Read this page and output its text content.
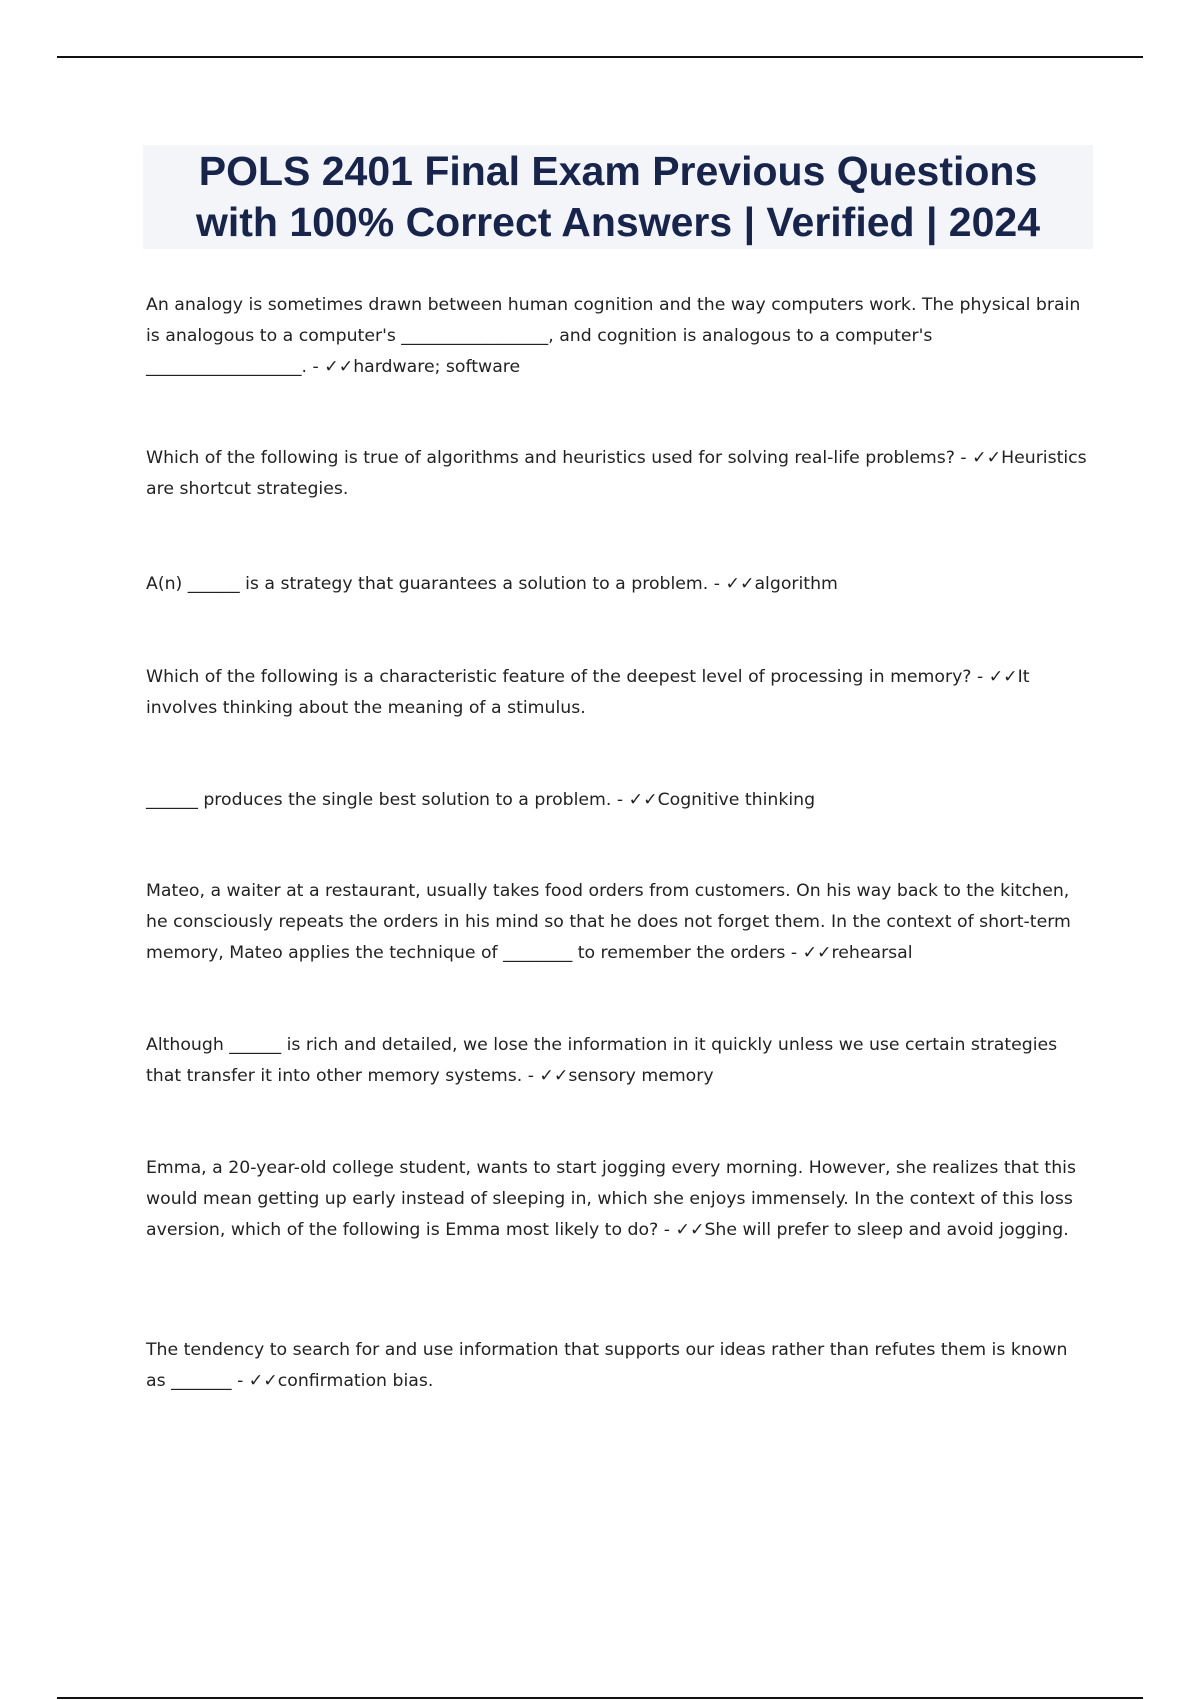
POLS 2401 Final Exam Previous Questions
with 100% Correct Answers | Verified | 2024
An analogy is sometimes drawn between human cognition and the way computers work. The physical brain is analogous to a computer's _________________, and cognition is analogous to a computer's __________________. - ✓✓hardware; software
Which of the following is true of algorithms and heuristics used for solving real-life problems? - ✓✓Heuristics are shortcut strategies.
A(n) ______ is a strategy that guarantees a solution to a problem. - ✓✓algorithm
Which of the following is a characteristic feature of the deepest level of processing in memory? - ✓✓It involves thinking about the meaning of a stimulus.
______ produces the single best solution to a problem. - ✓✓Cognitive thinking
Mateo, a waiter at a restaurant, usually takes food orders from customers. On his way back to the kitchen, he consciously repeats the orders in his mind so that he does not forget them. In the context of short-term memory, Mateo applies the technique of ________ to remember the orders - ✓✓rehearsal
Although ______ is rich and detailed, we lose the information in it quickly unless we use certain strategies that transfer it into other memory systems. - ✓✓sensory memory
Emma, a 20-year-old college student, wants to start jogging every morning. However, she realizes that this would mean getting up early instead of sleeping in, which she enjoys immensely. In the context of this loss aversion, which of the following is Emma most likely to do? - ✓✓She will prefer to sleep and avoid jogging.
The tendency to search for and use information that supports our ideas rather than refutes them is known as _______ - ✓✓confirmation bias.
